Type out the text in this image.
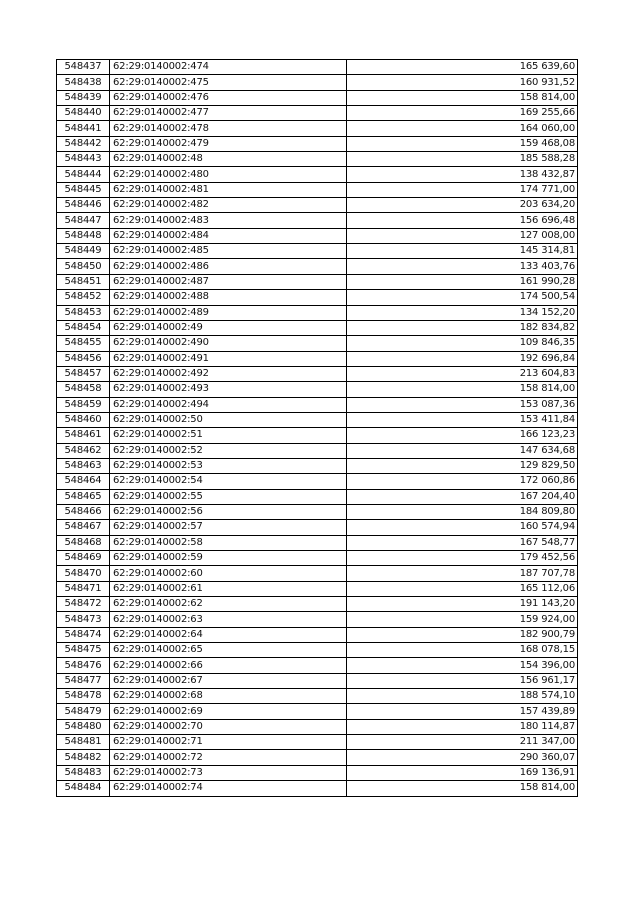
548437	62:29:0140002:474	165 639,60
548438	62:29:0140002:475	160 931,52
548439	62:29:0140002:476	158 814,00
548440	62:29:0140002:477	169 255,66
548441	62:29:0140002:478	164 060,00
548442	62:29:0140002:479	159 468,08
548443	62:29:0140002:48	185 588,28
548444	62:29:0140002:480	138 432,87
548445	62:29:0140002:481	174 771,00
548446	62:29:0140002:482	203 634,20
548447	62:29:0140002:483	156 696,48
548448	62:29:0140002:484	127 008,00
548449	62:29:0140002:485	145 314,81
548450	62:29:0140002:486	133 403,76
548451	62:29:0140002:487	161 990,28
548452	62:29:0140002:488	174 500,54
548453	62:29:0140002:489	134 152,20
548454	62:29:0140002:49	182 834,82
548455	62:29:0140002:490	109 846,35
548456	62:29:0140002:491	192 696,84
548457	62:29:0140002:492	213 604,83
548458	62:29:0140002:493	158 814,00
548459	62:29:0140002:494	153 087,36
548460	62:29:0140002:50	153 411,84
548461	62:29:0140002:51	166 123,23
548462	62:29:0140002:52	147 634,68
548463	62:29:0140002:53	129 829,50
548464	62:29:0140002:54	172 060,86
548465	62:29:0140002:55	167 204,40
548466	62:29:0140002:56	184 809,80
548467	62:29:0140002:57	160 574,94
548468	62:29:0140002:58	167 548,77
548469	62:29:0140002:59	179 452,56
548470	62:29:0140002:60	187 707,78
548471	62:29:0140002:61	165 112,06
548472	62:29:0140002:62	191 143,20
548473	62:29:0140002:63	159 924,00
548474	62:29:0140002:64	182 900,79
548475	62:29:0140002:65	168 078,15
548476	62:29:0140002:66	154 396,00
548477	62:29:0140002:67	156 961,17
548478	62:29:0140002:68	188 574,10
548479	62:29:0140002:69	157 439,89
548480	62:29:0140002:70	180 114,87
548481	62:29:0140002:71	211 347,00
548482	62:29:0140002:72	290 360,07
548483	62:29:0140002:73	169 136,91
548484	62:29:0140002:74	158 814,00
